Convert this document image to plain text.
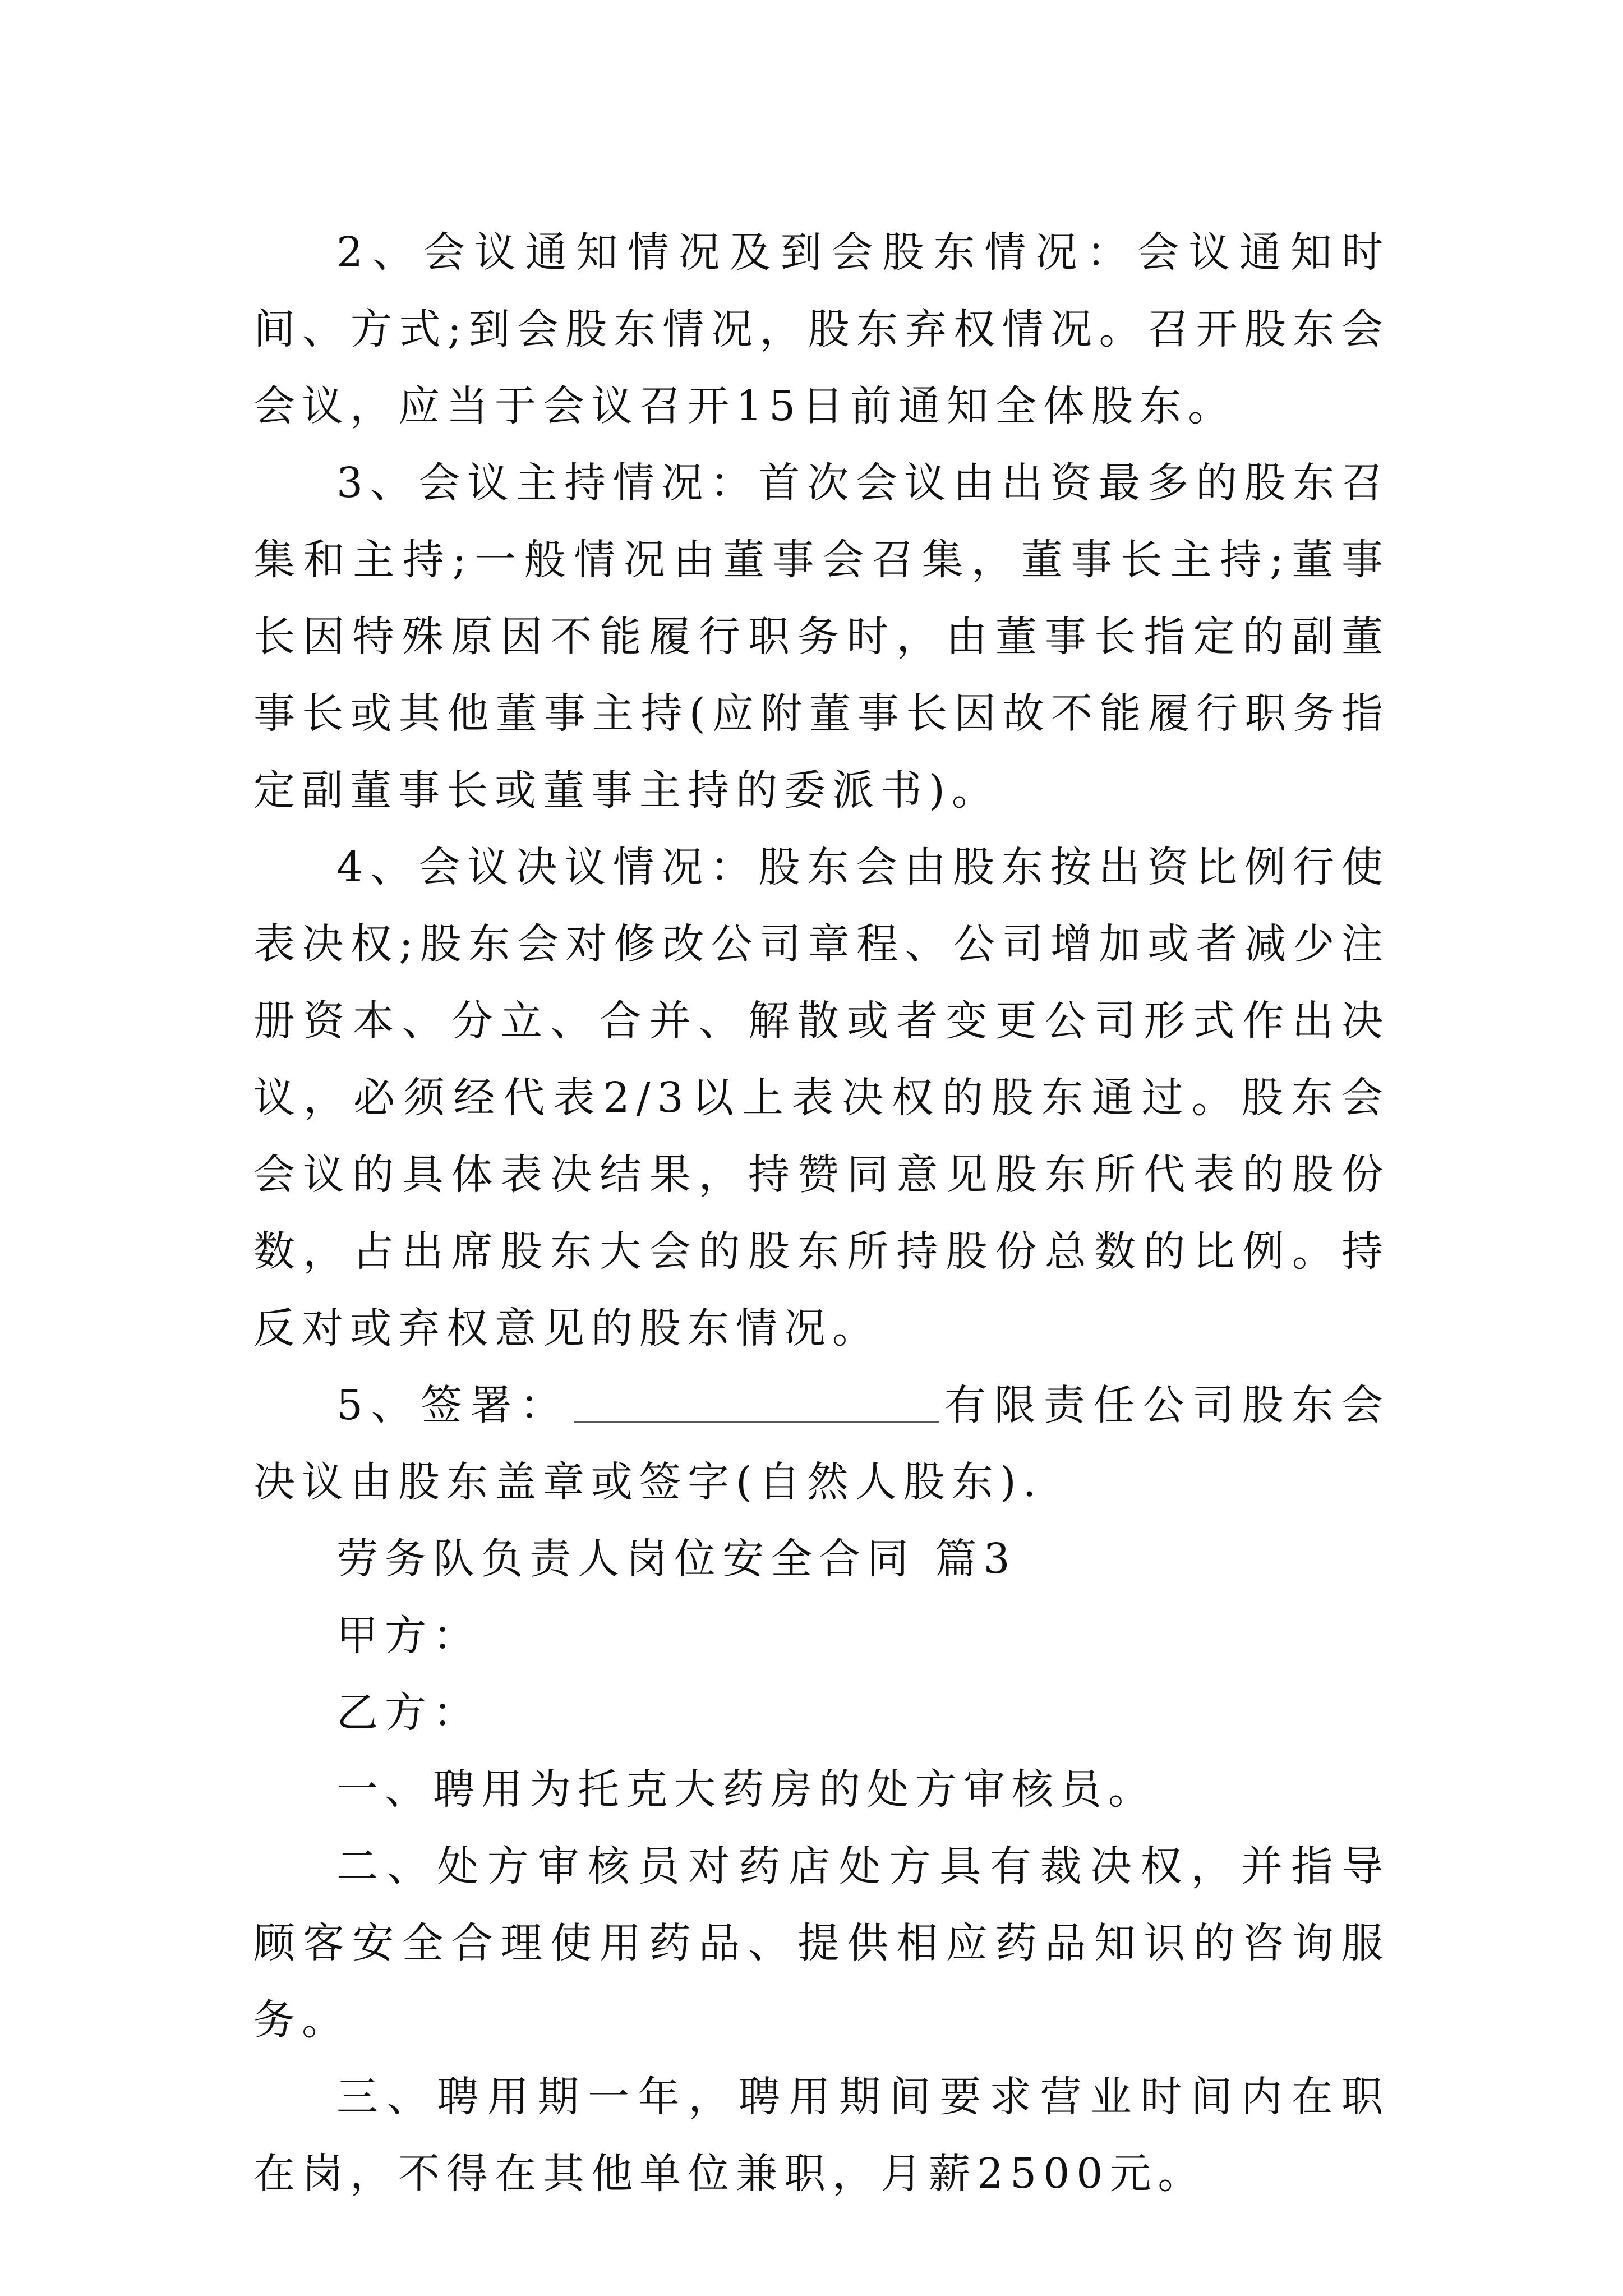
2、会议通知情况及到会股东情况：会议通知时间、方式;到会股东情况，股东弃权情况。召开股东会会议，应当于会议召开15日前通知全体股东。

3、会议主持情况：首次会议由出资最多的股东召集和主持;一般情况由董事会召集，董事长主持;董事长因特殊原因不能履行职务时，由董事长指定的副董事长或其他董事主持(应附董事长因故不能履行职务指定副董事长或董事主持的委派书)。

4、会议决议情况：股东会由股东按出资比例行使表决权;股东会对修改公司章程、公司增加或者减少注册资本、分立、合并、解散或者变更公司形式作出决议，必须经代表2/3以上表决权的股东通过。股东会会议的具体表决结果，持赞同意见股东所代表的股份数，占出席股东大会的股东所持股份总数的比例。持反对或弃权意见的股东情况。

5、签署：	有限责任公司股东会决议由股东盖章或签字(自然人股东).

劳务队负责人岗位安全合同 篇3

甲方：

乙方：

一、聘用为托克大药房的处方审核员。

二、处方审核员对药店处方具有裁决权，并指导顾客安全合理使用药品、提供相应药品知识的咨询服务。

三、聘用期一年，聘用期间要求营业时间内在职在岗，不得在其他单位兼职，月薪2500元。
